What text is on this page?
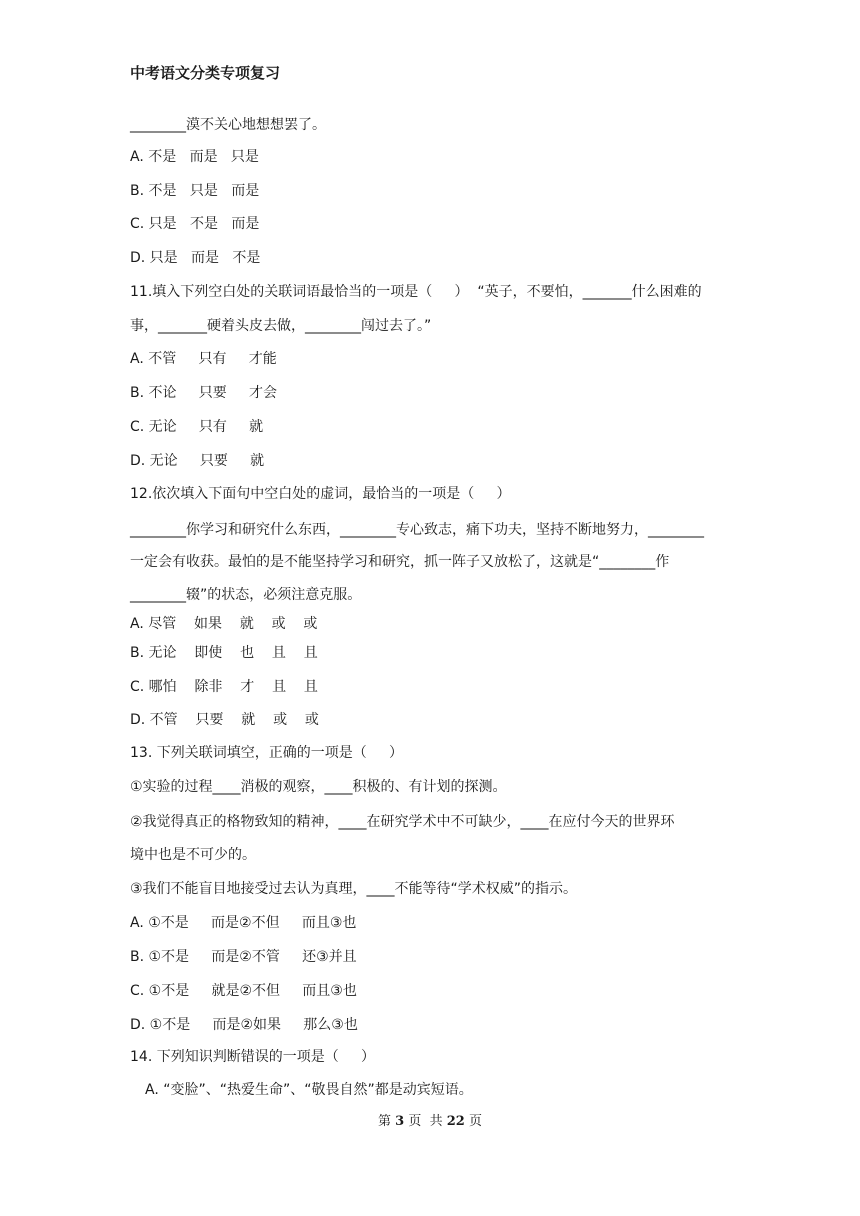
中考语文分类专项复习
________漠不关心地想想罢了。
A. 不是   而是   只是
B. 不是   只是   而是
C. 只是   不是   而是
D. 只是   而是   不是
11.填入下列空白处的关联词语最恰当的一项是（     ）  “英子，不要怕，_______什么困难的
事，_______硬着头皮去做，________闯过去了。”
A. 不管     只有     才能
B. 不论     只要     才会
C. 无论     只有     就
D. 无论     只要     就
12.依次填入下面句中空白处的虚词，最恰当的一项是（     ）
________你学习和研究什么东西，________专心致志，痛下功夫，坚持不断地努力，________
一定会有收获。最怕的是不能坚持学习和研究，抓一阵子又放松了，这就是“________作
________辍”的状态，必须注意克服。
A. 尽管    如果    就    或    或
B. 无论    即使    也    且    且
C. 哪怕    除非    才    且    且
D. 不管    只要    就    或    或
13. 下列关联词填空，正确的一项是（     ）
①实验的过程____消极的观察，____积极的、有计划的探测。
②我觉得真正的格物致知的精神，____在研究学术中不可缺少，____在应付今天的世界环
境中也是不可少的。
③我们不能盲目地接受过去认为真理，____不能等待“学术权威”的指示。
A. ①不是     而是②不但     而且③也
B. ①不是     而是②不管     还③并且
C. ①不是     就是②不但     而且③也
D. ①不是     而是②如果     那么③也
14. 下列知识判断错误的一项是（     ）
A. “变脸”、“热爱生命”、“敬畏自然”都是动宾短语。
第 3 页  共 22 页
